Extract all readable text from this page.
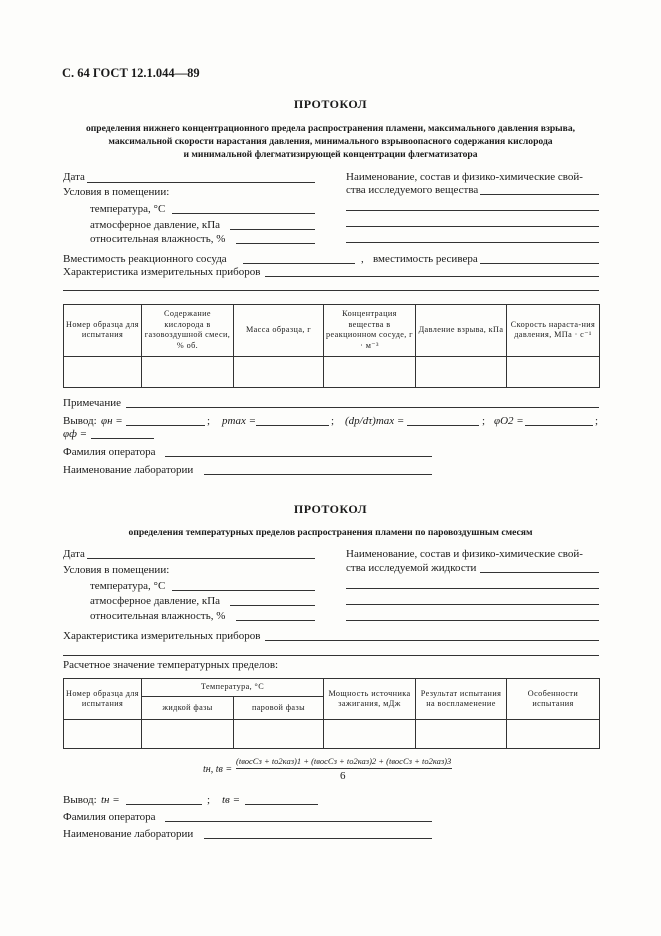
С. 64 ГОСТ 12.1.044—89
ПРОТОКОЛ
определения нижнего концентрационного предела распространения пламени, максимального давления взрыва,
максимальной скорости нарастания давления, минимального взрывоопасного содержания кислорода
и минимальной флегматизирующей концентрации флегматизатора
Дата
Условия в помещении:
температура, °C
атмосферное давление, кПа
относительная влажность, %
Наименование, состав и физико-химические свой-
ства исследуемого вещества
Вместимость реакционного сосуда	, вместимость ресивера
Характеристика измерительных приборов
Номер образца для испытания	Содержание кислорода в газовоздушной смеси, % об.	Масса образца, г	Концентрация вещества в реакционном сосуде, г · м⁻³	Давление взрыва, кПа	Скорость нараста-ния давления, МПа · с⁻¹

Примечание
Вывод: φн =	; pmax =	; (dp/dτ)max =	; φO2 =	;
φф =
Фамилия оператора
Наименование лаборатории
ПРОТОКОЛ
определения температурных пределов распространения пламени по паровоздушным смесям
Дата
Условия в помещении:
температура, °C
атмосферное давление, кПа
относительная влажность, %
Наименование, состав и физико-химические свой-
ства исследуемой жидкости
Характеристика измерительных приборов
Расчетное значение температурных пределов:
Номер образца для испытания	Температура, °С		Мощность источника зажигания, мДж	Результат испытания на воспламенение	Особенности испытания
	жидкой фазы	паровой фазы			

tн, tв =
(tвосСз + tо2каз)1 + (tвосСз + tо2каз)2 + (tвосСз + tо2каз)3
6
Вывод: tн =	; tв =
Фамилия оператора
Наименование лаборатории
